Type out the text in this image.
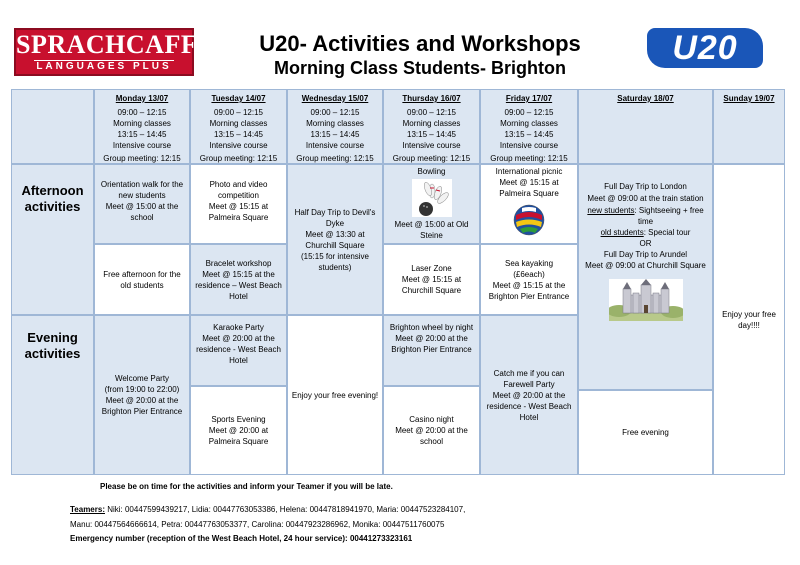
SPRACHCAFFE
LANGUAGES PLUS
U20- Activities and Workshops
Morning Class Students- Brighton
U20
Monday 13/07
09:00 – 12:15
Morning classes
13:15 – 14:45
Intensive course
Group meeting: 12:15
Tuesday 14/07
09:00 – 12:15
Morning classes
13:15 – 14:45
Intensive course
Group meeting: 12:15
Wednesday 15/07
09:00 – 12:15
Morning classes
13:15 – 14:45
Intensive course
Group meeting: 12:15
Thursday 16/07
09:00 – 12:15
Morning classes
13:15 – 14:45
Intensive course
Group meeting: 12:15
Friday 17/07
09:00 – 12:15
Morning classes
13:15 – 14:45
Intensive course
Group meeting: 12:15
Saturday 18/07	Sunday 19/07
Afternoon activities
Evening activities
Orientation walk for the new students
Meet @ 15:00 at the school
Free afternoon for the old students
Photo and video competition
Meet @ 15:15 at Palmeira Square
Bracelet workshop
Meet @ 15:15 at the residence – West Beach Hotel
Half Day Trip to Devil's Dyke
Meet @ 13:30 at Churchill Square
(15:15 for intensive students)
Bowling
Meet @ 15:00 at Old Steine
Laser Zone
Meet @ 15:15 at Churchill Square
International picnic
Meet @ 15:15 at Palmeira Square
Sea kayaking
(£6each)
Meet @ 15:15 at the Brighton Pier Entrance
Full Day Trip to London
Meet @ 09:00 at the train station
new students: Sightseeing + free time
old students: Special tour
OR
Full Day Trip to Arundel
Meet @ 09:00 at Churchill Square
Enjoy your free day!!!!
Welcome Party
(from 19:00 to 22:00)
Meet @ 20:00 at the Brighton Pier Entrance
Karaoke Party
Meet @ 20:00 at the residence - West Beach Hotel
Sports Evening
Meet @ 20:00 at Palmeira Square
Enjoy your free evening!
Brighton wheel by night
Meet @ 20:00 at the Brighton Pier Entrance
Casino night
Meet @ 20:00 at the school
Catch me if you can Farewell Party
Meet @ 20:00 at the residence - West Beach Hotel
Free evening
Please be on time for the activities and inform your Teamer if you will be late.
Teamers: Niki: 00447599439217, Lidia: 00447763053386, Helena: 00447818941970, Maria: 00447523284107,
Manu: 00447564666614, Petra: 00447763053377, Carolina: 00447923286962, Monika: 00447511760075
Emergency number (reception of the West Beach Hotel, 24 hour service): 00441273323161
